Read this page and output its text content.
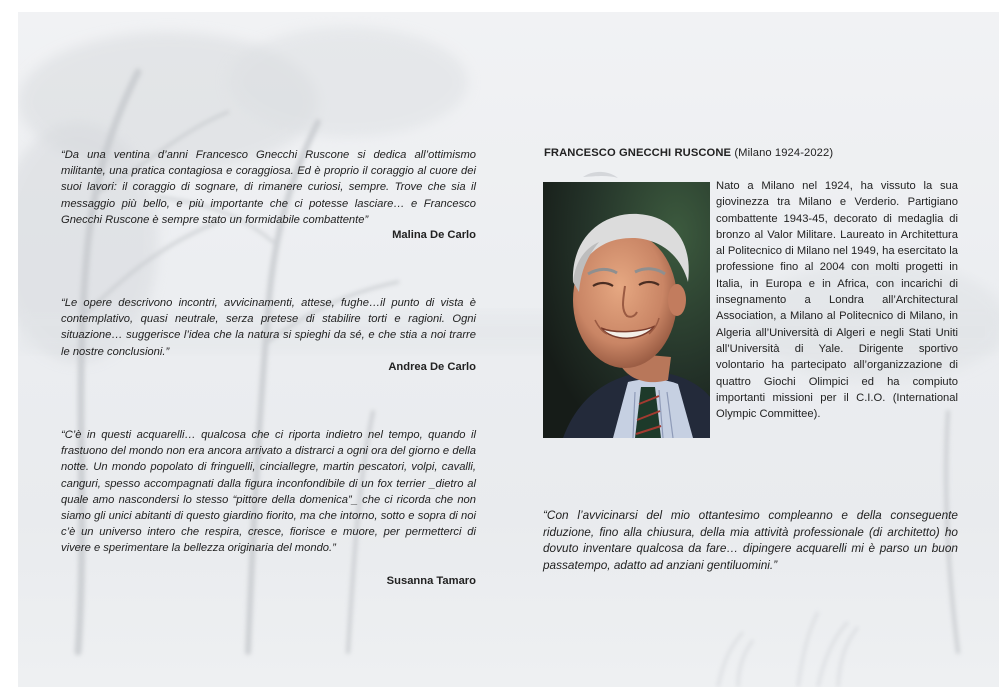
“Da una ventina d’anni Francesco Gnecchi Ruscone si dedica all’ottimismo militante, una pratica contagiosa e coraggiosa. Ed è proprio il coraggio al cuore dei suoi lavori: il coraggio di sognare, di rimanere curiosi, sempre. Trove che sia il messaggio più bello, e più importante che ci potesse lasciare… e Francesco Gnecchi Ruscone è sempre stato un formidabile combattente”
Malina De Carlo
“Le opere descrivono incontri, avvicinamenti, attese, fughe…il punto di vista è contemplativo, quasi neutrale, serza pretese di stabilire torti e ragioni. Ogni situazione… suggerisce l’idea che la natura si spieghi da sé, e che stia a noi trarre le nostre conclusioni.”
Andrea De Carlo
“C’è in questi acquarelli… qualcosa che ci riporta indietro nel tempo, quando il frastuono del mondo non era ancora arrivato a distrarci a ogni ora del giorno e della notte. Un mondo popolato di fringuelli, cinciallegre, martin pescatori, volpi, cavalli, canguri, spesso accompagnati dalla figura inconfondibile di un fox terrier _dietro al quale amo nascondersi lo stesso “pittore della domenica”_ che ci ricorda che non siamo gli unici abitanti di questo giardino fiorito, ma che intorno, sotto e sopra di noi c’è un universo intero che respira, cresce, fiorisce e muore, per permetterci di vivere e sperimentare la bellezza originaria del mondo.”
Susanna Tamaro
FRANCESCO GNECCHI RUSCONE (Milano 1924-2022)
Nato a Milano nel 1924, ha vissuto la sua giovinezza tra Milano e Verderio. Partigiano combattente 1943-45, decorato di medaglia di bronzo al Valor Militare. Laureato in Architettura al Politecnico di Milano nel 1949, ha esercitato la professione fino al 2004 con molti progetti in Italia, in Europa e in Africa, con incarichi di insegnamento a Londra all’Architectural Association, a Milano al Politecnico di Milano, in Algeria all’Università di Algeri e negli Stati Uniti all’Università di Yale. Dirigente sportivo volontario ha partecipato all’organizzazione di quattro Giochi Olimpici ed ha compiuto importanti missioni per il C.I.O. (International Olympic Committee).
“Con l’avvicinarsi del mio ottantesimo compleanno e della conseguente riduzione, fino alla chiusura, della mia attività professionale (di architetto) ho dovuto inventare qualcosa da fare… dipingere acquarelli mi è parso un buon passatempo, adatto ad anziani gentiluomini.”
